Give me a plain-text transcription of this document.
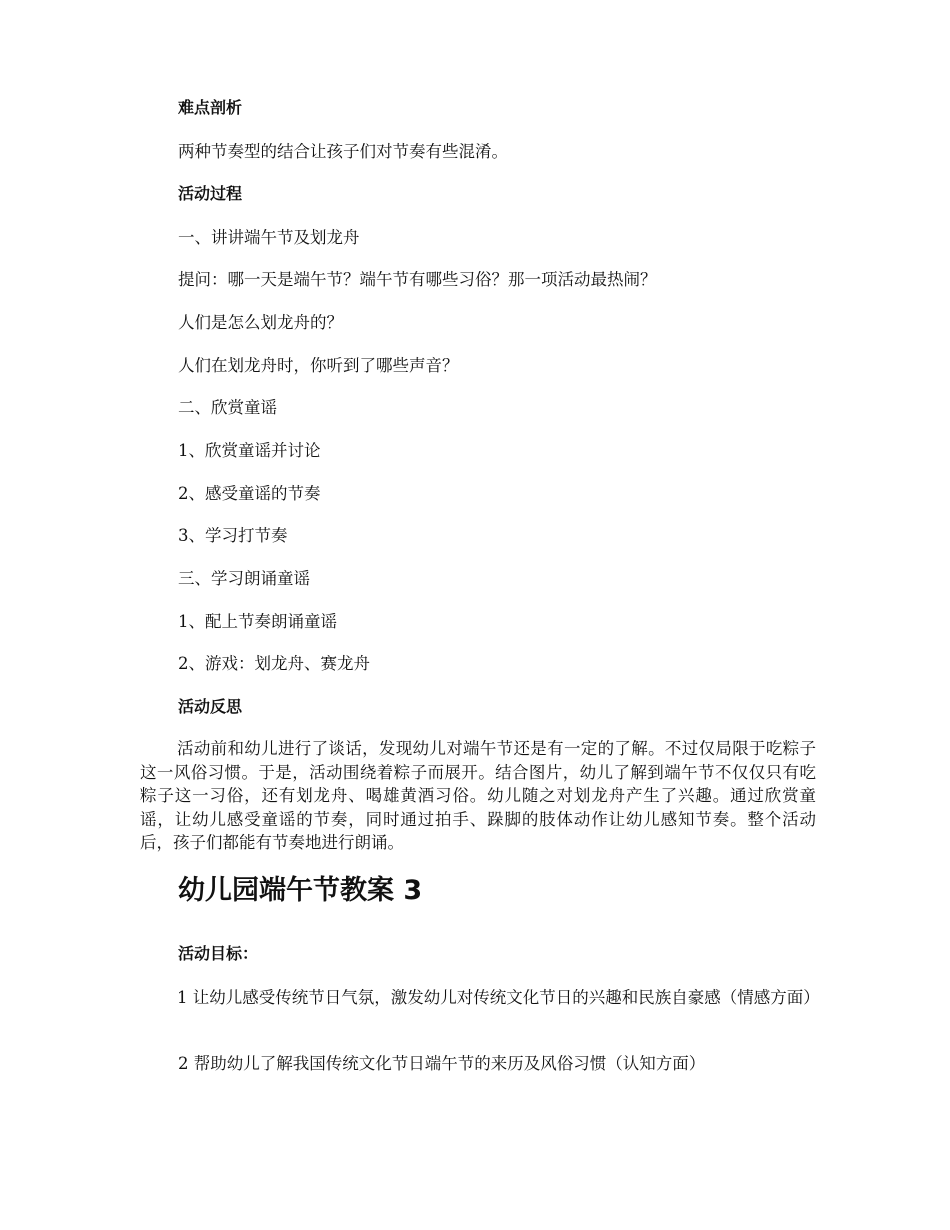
难点剖析
两种节奏型的结合让孩子们对节奏有些混淆。
活动过程
一、讲讲端午节及划龙舟
提问：哪一天是端午节？端午节有哪些习俗？那一项活动最热闹？
人们是怎么划龙舟的？
人们在划龙舟时，你听到了哪些声音？
二、欣赏童谣
1、欣赏童谣并讨论
2、感受童谣的节奏
3、学习打节奏
三、学习朗诵童谣
1、配上节奏朗诵童谣
2、游戏：划龙舟、赛龙舟
活动反思
活动前和幼儿进行了谈话，发现幼儿对端午节还是有一定的了解。不过仅局限于吃粽子这一风俗习惯。于是，活动围绕着粽子而展开。结合图片，幼儿了解到端午节不仅仅只有吃粽子这一习俗，还有划龙舟、喝雄黄酒习俗。幼儿随之对划龙舟产生了兴趣。通过欣赏童谣，让幼儿感受童谣的节奏，同时通过拍手、跺脚的肢体动作让幼儿感知节奏。整个活动后，孩子们都能有节奏地进行朗诵。
幼儿园端午节教案 3
活动目标：
1 让幼儿感受传统节日气氛，激发幼儿对传统文化节日的兴趣和民族自豪感（情感方面）
2 帮助幼儿了解我国传统文化节日端午节的来历及风俗习惯（认知方面）
